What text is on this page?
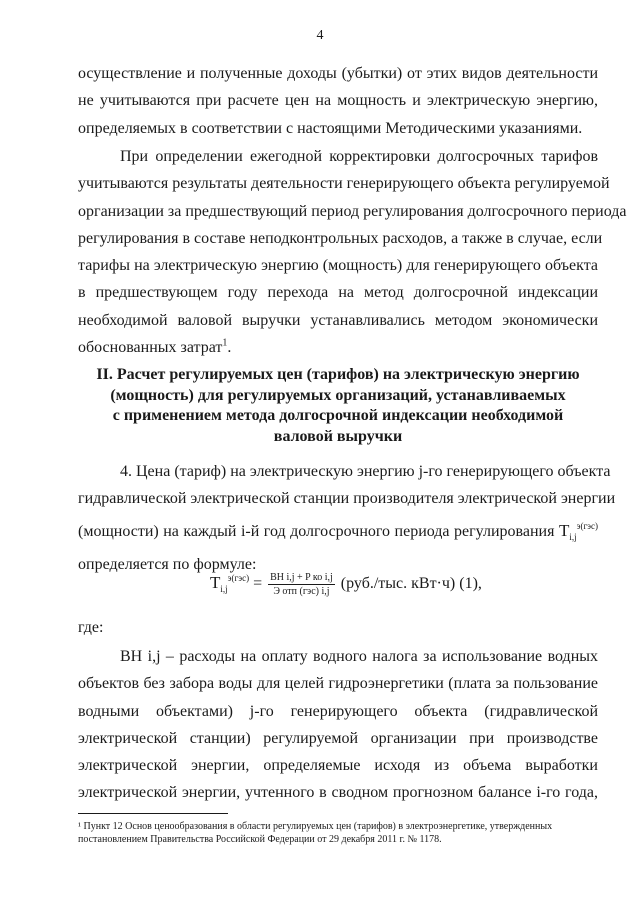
4
осуществление и полученные доходы (убытки) от этих видов деятельности
не учитываются при расчете цен на мощность и электрическую энергию,
определяемых в соответствии с настоящими Методическими указаниями.
При определении ежегодной корректировки долгосрочных тарифов
учитываются результаты деятельности генерирующего объекта регулируемой
организации за предшествующий период регулирования долгосрочного периода
регулирования в составе неподконтрольных расходов, а также в случае, если
тарифы на электрическую энергию (мощность) для генерирующего объекта
в предшествующем году перехода на метод долгосрочной индексации
необходимой валовой выручки устанавливались методом экономически
обоснованных затрат$^1$.
II. Расчет регулируемых цен (тарифов) на электрическую энергию
(мощность) для регулируемых организаций, устанавливаемых
с применением метода долгосрочной индексации необходимой
валовой выручки
4. Цена (тариф) на электрическую энергию j-го генерирующего объекта
гидравлической электрической станции производителя электрической энергии
(мощности) на каждый i-й год долгосрочного периода регулирования $T_{i,j}^{э(гэс)}$
определяется по формуле:
$T_{i,j}^{э(гэс)} = \frac{\text{ВН i,j + P ко i,j}}{\text{Э отп (гэс) i,j}} (руб./тыс$. кВт·ч) (1),
где:
ВН i,j – расходы на оплату водного налога за использование водных
объектов без забора воды для целей гидроэнергетики (плата за пользование
водными объектами) j-го генерирующего объекта (гидравлической
электрической станции) регулируемой организации при производстве
электрической энергии, определяемые исходя из объема выработки
электрической энергии, учтенного в сводном прогнозном балансе i-го года,
¹ Пункт 12 Основ ценообразования в области регулируемых цен (тарифов) в электроэнергетике, утвержденных
постановлением Правительства Российской Федерации от 29 декабря 2011 г. № 1178.
